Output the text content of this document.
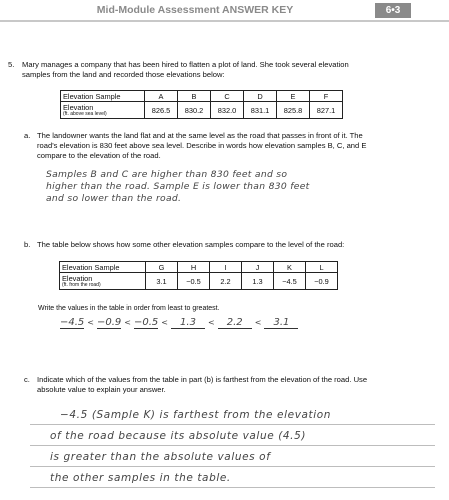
Mid-Module Assessment ANSWER KEY	6•3
5. Mary manages a company that has been hired to flatten a plot of land. She took several elevation
samples from the land and recorded those elevations below:
Elevation Sample	A	B	C	D	E	F
Elevation
(ft. above sea level)	826.5	830.2	832.0	831.1	825.8	827.1
a. The landowner wants the land flat and at the same level as the road that passes in front of it. The
road's elevation is 830 feet above sea level. Describe in words how elevation samples B, C, and E
compare to the elevation of the road.
Samples B and C are higher than 830 feet and so
higher than the road. Sample E is lower than 830 feet
and so lower than the road.
b. The table below shows how some other elevation samples compare to the level of the road:
Elevation Sample	G	H	I	J	K	L
Elevation
(ft. from the road)	3.1	−0.5	2.2	1.3	−4.5	−0.9
Write the values in the table in order from least to greatest.
−4.5 < −0.9 < −0.5 < 1.3 < 2.2 < 3.1
c. Indicate which of the values from the table in part (b) is farthest from the elevation of the road. Use
absolute value to explain your answer.
−4.5 (Sample K) is farthest from the elevation
of the road because its absolute value (4.5)
is greater than the absolute values of
the other samples in the table.
